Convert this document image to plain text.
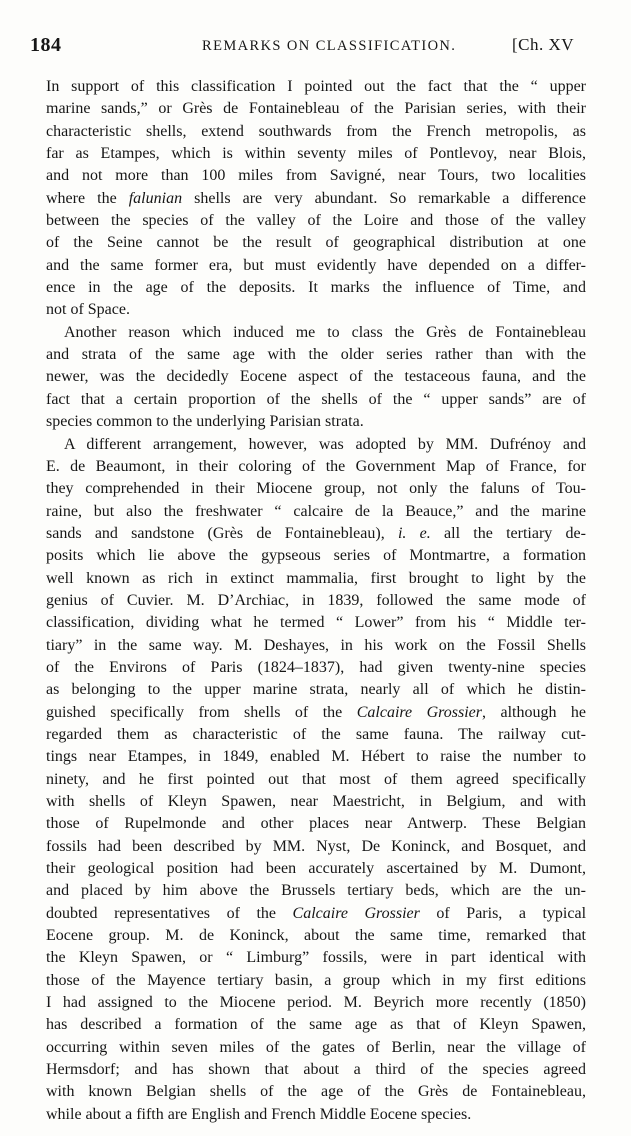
184	REMARKS ON CLASSIFICATION.	[Ch. XV
In support of this classification I pointed out the fact that the “ upper
marine sands,” or Grès de Fontainebleau of the Parisian series, with their
characteristic shells, extend southwards from the French metropolis, as
far as Etampes, which is within seventy miles of Pontlevoy, near Blois,
and not more than 100 miles from Savigné, near Tours, two localities
where the falunian shells are very abundant. So remarkable a difference
between the species of the valley of the Loire and those of the valley
of the Seine cannot be the result of geographical distribution at one
and the same former era, but must evidently have depended on a differ-
ence in the age of the deposits. It marks the influence of Time, and
not of Space.
Another reason which induced me to class the Grès de Fontainebleau
and strata of the same age with the older series rather than with the
newer, was the decidedly Eocene aspect of the testaceous fauna, and the
fact that a certain proportion of the shells of the “ upper sands” are of
species common to the underlying Parisian strata.
A different arrangement, however, was adopted by MM. Dufrénoy and
E. de Beaumont, in their coloring of the Government Map of France, for
they comprehended in their Miocene group, not only the faluns of Tou-
raine, but also the freshwater “ calcaire de la Beauce,” and the marine
sands and sandstone (Grès de Fontainebleau), i. e. all the tertiary de-
posits which lie above the gypseous series of Montmartre, a formation
well known as rich in extinct mammalia, first brought to light by the
genius of Cuvier. M. D’Archiac, in 1839, followed the same mode of
classification, dividing what he termed “ Lower” from his “ Middle ter-
tiary” in the same way. M. Deshayes, in his work on the Fossil Shells
of the Environs of Paris (1824–1837), had given twenty-nine species
as belonging to the upper marine strata, nearly all of which he distin-
guished specifically from shells of the Calcaire Grossier, although he
regarded them as characteristic of the same fauna. The railway cut-
tings near Etampes, in 1849, enabled M. Hébert to raise the number to
ninety, and he first pointed out that most of them agreed specifically
with shells of Kleyn Spawen, near Maestricht, in Belgium, and with
those of Rupelmonde and other places near Antwerp. These Belgian
fossils had been described by MM. Nyst, De Koninck, and Bosquet, and
their geological position had been accurately ascertained by M. Dumont,
and placed by him above the Brussels tertiary beds, which are the un-
doubted representatives of the Calcaire Grossier of Paris, a typical
Eocene group. M. de Koninck, about the same time, remarked that
the Kleyn Spawen, or “ Limburg” fossils, were in part identical with
those of the Mayence tertiary basin, a group which in my first editions
I had assigned to the Miocene period. M. Beyrich more recently (1850)
has described a formation of the same age as that of Kleyn Spawen,
occurring within seven miles of the gates of Berlin, near the village of
Hermsdorf; and has shown that about a third of the species agreed
with known Belgian shells of the age of the Grès de Fontainebleau,
while about a fifth are English and French Middle Eocene species.
